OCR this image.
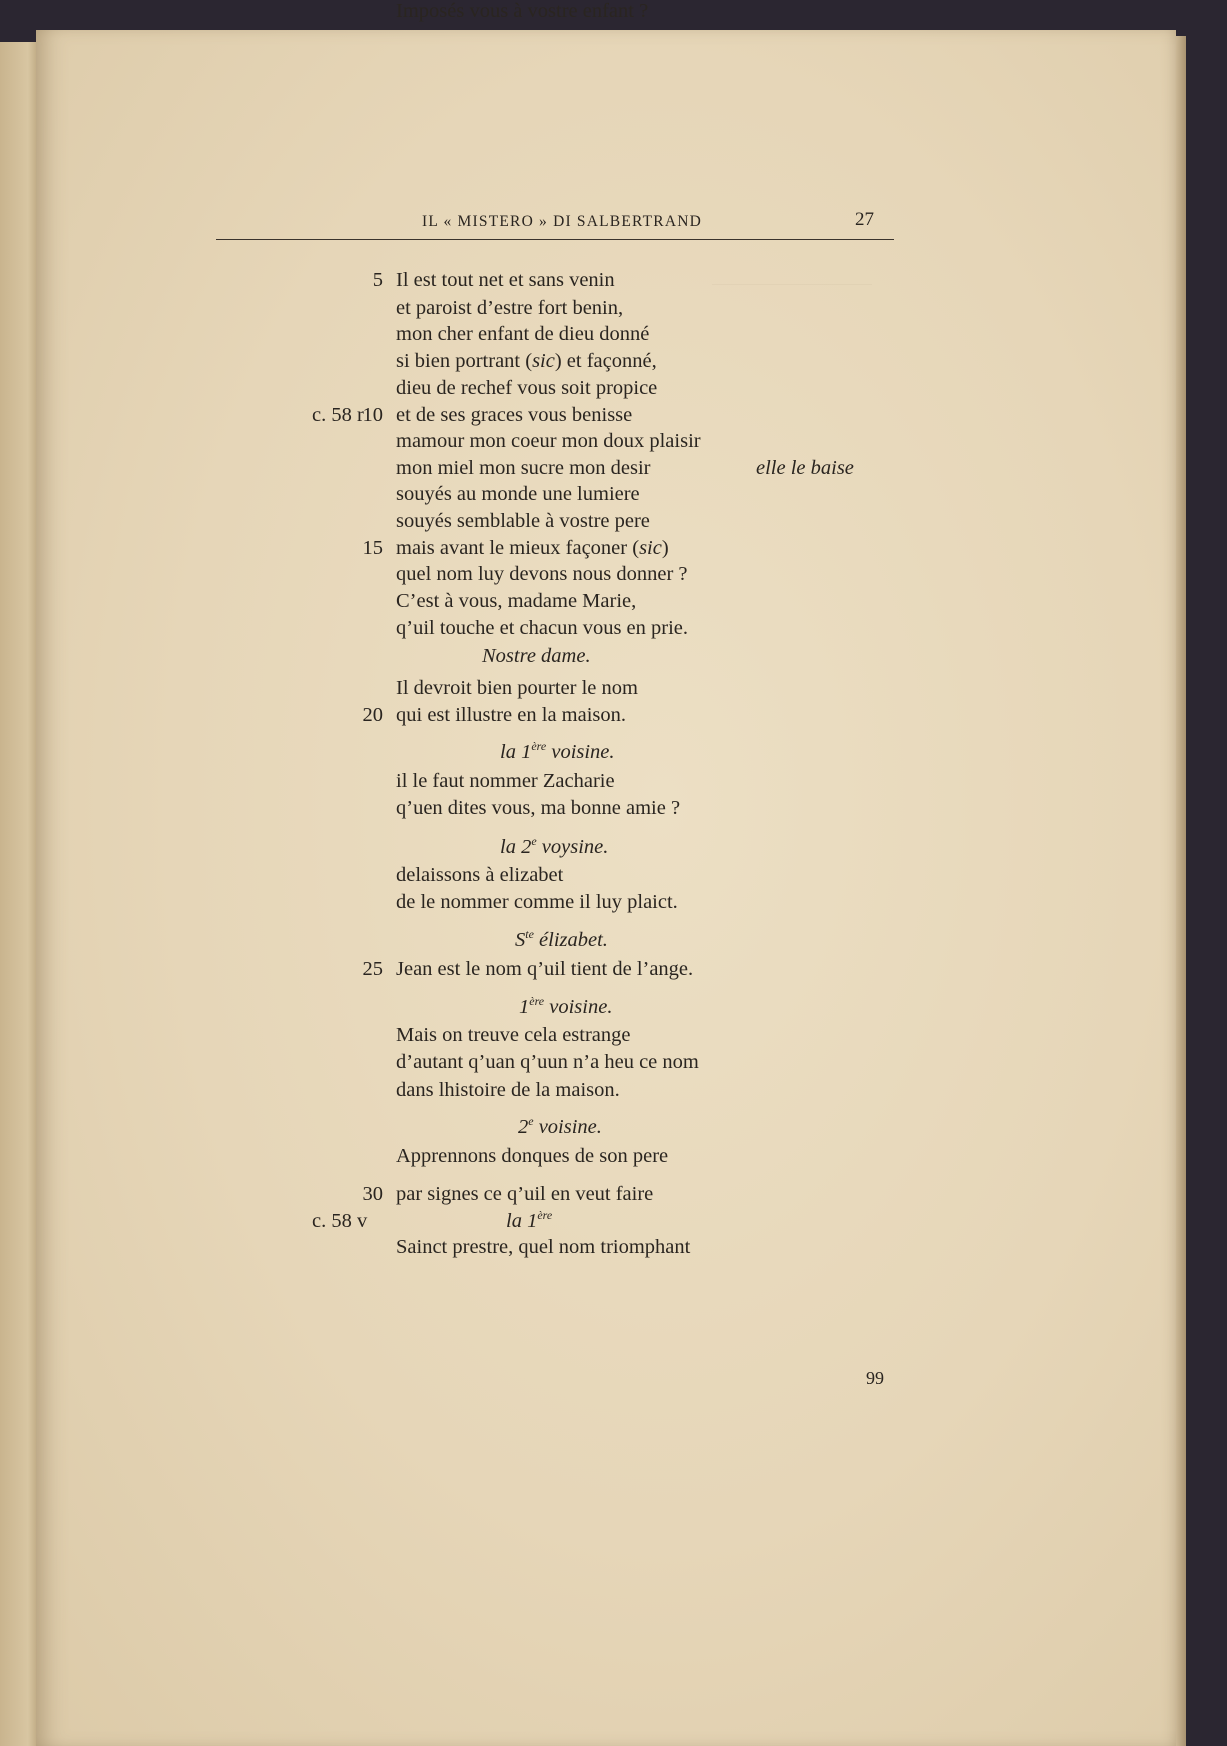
IL « MISTERO » DI SALBERTRAND	27
Il est tout net et sans venin
et paroist d’estre fort benin,
mon cher enfant de dieu donné
si bien portrant (sic) et façonné,
dieu de rechef vous soit propice
et de ses graces vous benisse
mamour mon coeur mon doux plaisir
mon miel mon sucre mon desir
souyés au monde une lumiere
souyés semblable à vostre pere
mais avant le mieux façoner (sic)
quel nom luy devons nous donner ?
C’est à vous, madame Marie,
q’uil touche et chacun vous en prie.
Nostre dame.
Il devroit bien pourter le nom
qui est illustre en la maison.
la 1ère voisine.
il le faut nommer Zacharie
q’uen dites vous, ma bonne amie ?
la 2e voysine.
delaissons à elizabet
de le nommer comme il luy plaict.
$S^{te}$ élizabet.
Jean est le nom q’uil tient de l’ange.
1ère voisine.
Mais on treuve cela estrange
d’autant q’uan q’uun n’a heu ce nom
dans lhistoire de la maison.
2e voisine.
Apprennons donques de son pere
par signes ce q’uil en veut faire
la 1ère
Sainct prestre, quel nom triomphant
Imposés vous à vostre enfant ?
elle le baise
99
5
10
c. 58 r
15
20
25
30
c. 58 v
